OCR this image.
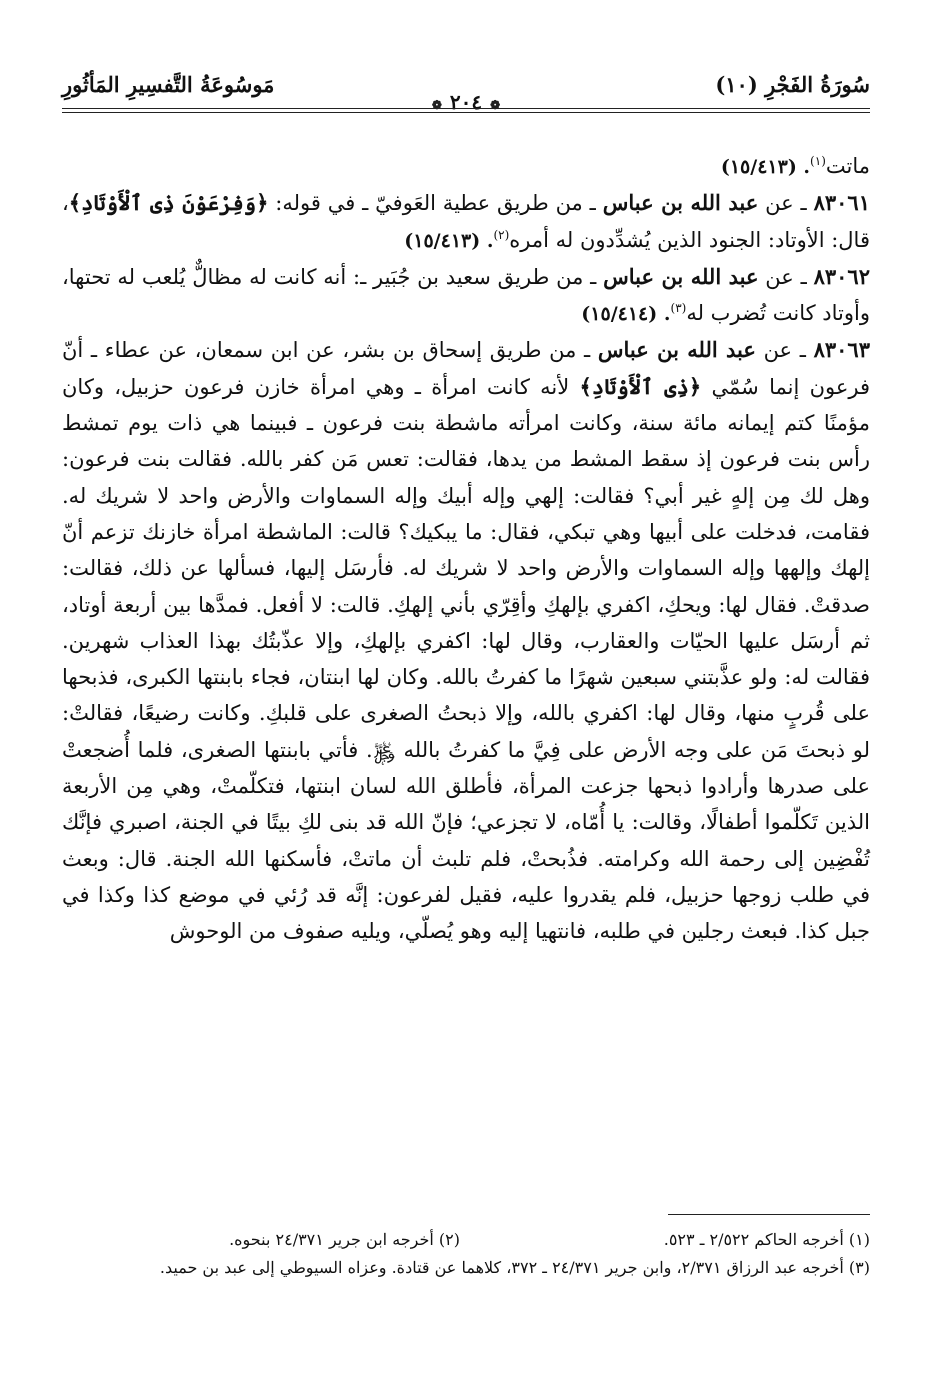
سُورَةُ الفَجْرِ (١٠)
مَوسُوعَةُ التَّفسِيرِ المَأثُورِ
❁٢٠٤❁

ماتت$^{(١)}$. (١٥/٤١٣)

٨٣٠٦١ ـ عن عبد الله بن عباس ـ من طريق عطية العَوفيّ ـ في قوله: ﴿وَفِرْعَوْنَ ذِى ٱلْأَوْتَادِ﴾، قال: الأوتاد: الجنود الذين يُشدِّدون له أمره$^{(٢)}$. (١٥/٤١٣)

٨٣٠٦٢ ـ عن عبد الله بن عباس ـ من طريق سعيد بن جُبَير ـ: أنه كانت له مظالٌّ يُلعب له تحتها، وأوتاد كانت تُضرب له$^{(٣)}$. (١٥/٤١٤)

٨٣٠٦٣ ـ عن عبد الله بن عباس ـ من طريق إسحاق بن بشر، عن ابن سمعان، عن عطاء ـ أنّ فرعون إنما سُمّي ﴿ذِى ٱلْأَوْتَادِ﴾ لأنه كانت امرأة ـ وهي امرأة خازن فرعون حزبيل، وكان مؤمنًا كتم إيمانه مائة سنة، وكانت امرأته ماشطة بنت فرعون ـ فبينما هي ذات يوم تمشط رأس بنت فرعون إذ سقط المشط من يدها، فقالت: تعس مَن كفر بالله. فقالت بنت فرعون: وهل لك مِن إلهٍ غير أبي؟ فقالت: إلهي وإله أبيك وإله السماوات والأرض واحد لا شريك له. فقامت، فدخلت على أبيها وهي تبكي، فقال: ما يبكيك؟ قالت: الماشطة امرأة خازنك تزعم أنّ إلهك وإلهها وإله السماوات والأرض واحد لا شريك له. فأرسَل إليها، فسألها عن ذلك، فقالت: صدقتْ. فقال لها: ويحكِ، اكفري بإلهكِ وأقِرّي بأني إلهكِ. قالت: لا أفعل. فمدَّها بين أربعة أوتاد، ثم أرسَل عليها الحيّات والعقارب، وقال لها: اكفري بإلهكِ، وإلا عذّبتُك بهذا العذاب شهرين. فقالت له: ولو عذَّبتني سبعين شهرًا ما كفرتُ بالله. وكان لها ابنتان، فجاء بابنتها الكبرى، فذبحها على قُربٍ منها، وقال لها: اكفري بالله، وإلا ذبحتُ الصغرى على قلبكِ. وكانت رضيعًا، فقالتْ: لو ذبحتَ مَن على وجه الأرض على فِيَّ ما كفرتُ بالله ﷿. فأتي بابنتها الصغرى، فلما أُضجعتْ على صدرها وأرادوا ذبحها جزعت المرأة، فأطلق الله لسان ابنتها، فتكلّمتْ، وهي مِن الأربعة الذين تَكلّموا أطفالًا، وقالت: يا أُمّاه، لا تجزعي؛ فإنّ الله قد بنى لكِ بيتًا في الجنة، اصبري فإنَّك تُفْضِين إلى رحمة الله وكرامته. فذُبحتْ، فلم تلبث أن ماتتْ، فأسكنها الله الجنة. قال: وبعث في طلب زوجها حزبيل، فلم يقدروا عليه، فقيل لفرعون: إنَّه قد رُئي في موضع كذا وكذا في جبل كذا. فبعث رجلين في طلبه، فانتهيا إليه وهو يُصلّي، ويليه صفوف من الوحوش

(١) أخرجه الحاكم ٢/٥٢٢ ـ ٥٢٣.
(٢) أخرجه ابن جرير ٢٤/٣٧١ بنحوه.

(٣) أخرجه عبد الرزاق ٢/٣٧١، وابن جرير ٢٤/٣٧١ ـ ٣٧٢، كلاهما عن قتادة. وعزاه السيوطي إلى عبد بن حميد.
